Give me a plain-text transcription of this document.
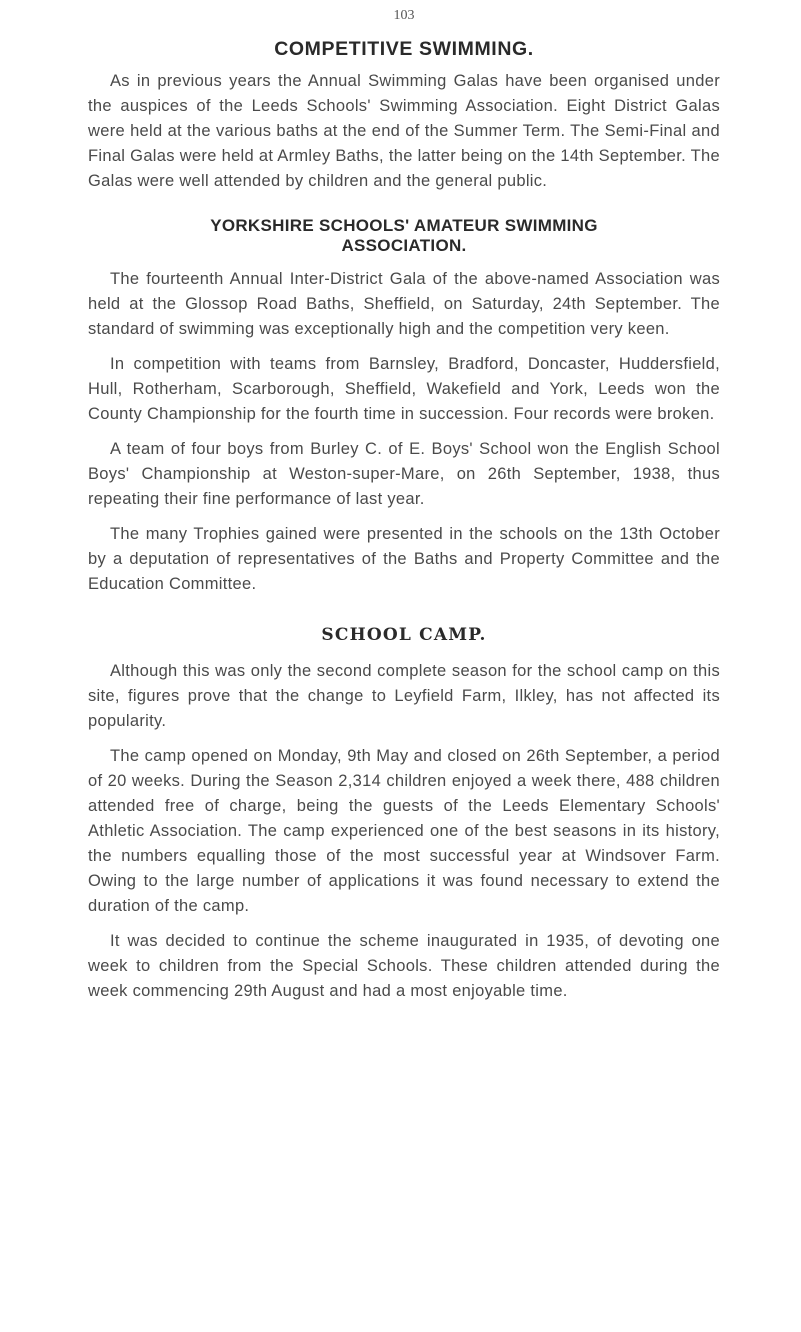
103
COMPETITIVE SWIMMING.

As in previous years the Annual Swimming Galas have been organised under the auspices of the Leeds Schools' Swimming Association. Eight District Galas were held at the various baths at the end of the Summer Term. The Semi-Final and Final Galas were held at Armley Baths, the latter being on the 14th September. The Galas were well attended by children and the general public.

YORKSHIRE SCHOOLS' AMATEUR SWIMMING
ASSOCIATION.

The fourteenth Annual Inter-District Gala of the above-named Association was held at the Glossop Road Baths, Sheffield, on Saturday, 24th September. The standard of swimming was exceptionally high and the competition very keen.

In competition with teams from Barnsley, Bradford, Doncaster, Huddersfield, Hull, Rotherham, Scarborough, Sheffield, Wakefield and York, Leeds won the County Championship for the fourth time in succession. Four records were broken.

A team of four boys from Burley C. of E. Boys' School won the English School Boys' Championship at Weston-super-Mare, on 26th September, 1938, thus repeating their fine performance of last year.

The many Trophies gained were presented in the schools on the 13th October by a deputation of representatives of the Baths and Property Committee and the Education Committee.

SCHOOL CAMP.

Although this was only the second complete season for the school camp on this site, figures prove that the change to Leyfield Farm, Ilkley, has not affected its popularity.

The camp opened on Monday, 9th May and closed on 26th September, a period of 20 weeks. During the Season 2,314 children enjoyed a week there, 488 children attended free of charge, being the guests of the Leeds Elementary Schools' Athletic Association. The camp experienced one of the best seasons in its history, the numbers equalling those of the most successful year at Windsover Farm. Owing to the large number of applications it was found necessary to extend the duration of the camp.

It was decided to continue the scheme inaugurated in 1935, of devoting one week to children from the Special Schools. These children attended during the week commencing 29th August and had a most enjoyable time.
